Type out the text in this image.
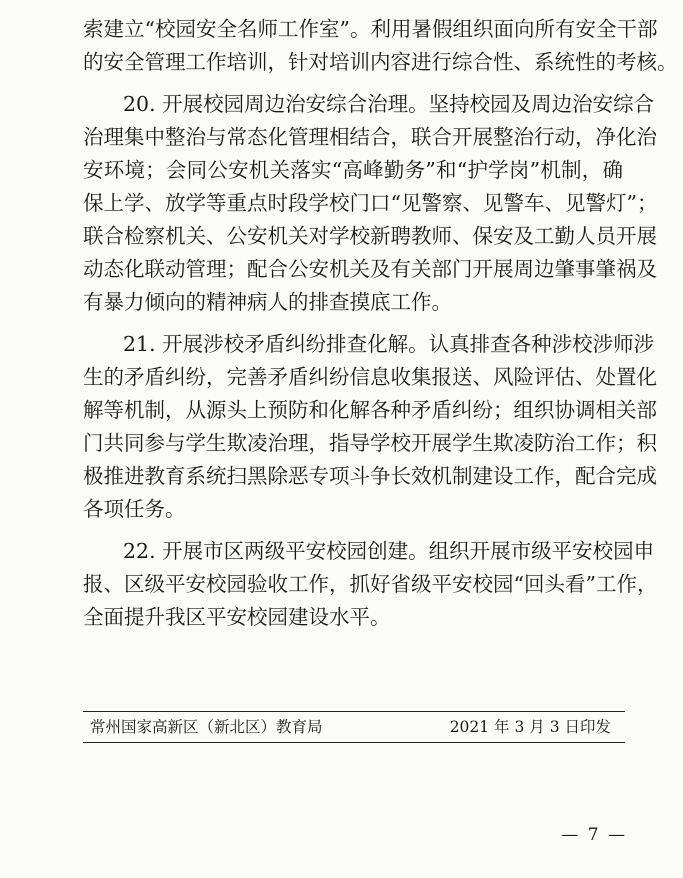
索建立“校园安全名师工作室”。利用暑假组织面向所有安全干部
的安全管理工作培训，针对培训内容进行综合性、系统性的考核。
20. 开展校园周边治安综合治理。坚持校园及周边治安综合
治理集中整治与常态化管理相结合，联合开展整治行动，净化治
安环境；会同公安机关落实“高峰勤务”和“护学岗”机制，确
保上学、放学等重点时段学校门口“见警察、见警车、见警灯”；
联合检察机关、公安机关对学校新聘教师、保安及工勤人员开展
动态化联动管理；配合公安机关及有关部门开展周边肇事肇祸及
有暴力倾向的精神病人的排查摸底工作。
21. 开展涉校矛盾纠纷排查化解。认真排查各种涉校涉师涉
生的矛盾纠纷，完善矛盾纠纷信息收集报送、风险评估、处置化
解等机制，从源头上预防和化解各种矛盾纠纷；组织协调相关部
门共同参与学生欺凌治理，指导学校开展学生欺凌防治工作；积
极推进教育系统扫黑除恶专项斗争长效机制建设工作，配合完成
各项任务。
22. 开展市区两级平安校园创建。组织开展市级平安校园申
报、区级平安校园验收工作，抓好省级平安校园“回头看”工作，
全面提升我区平安校园建设水平。
常州国家高新区（新北区）教育局	2021 年 3 月 3 日印发
— 7 —
